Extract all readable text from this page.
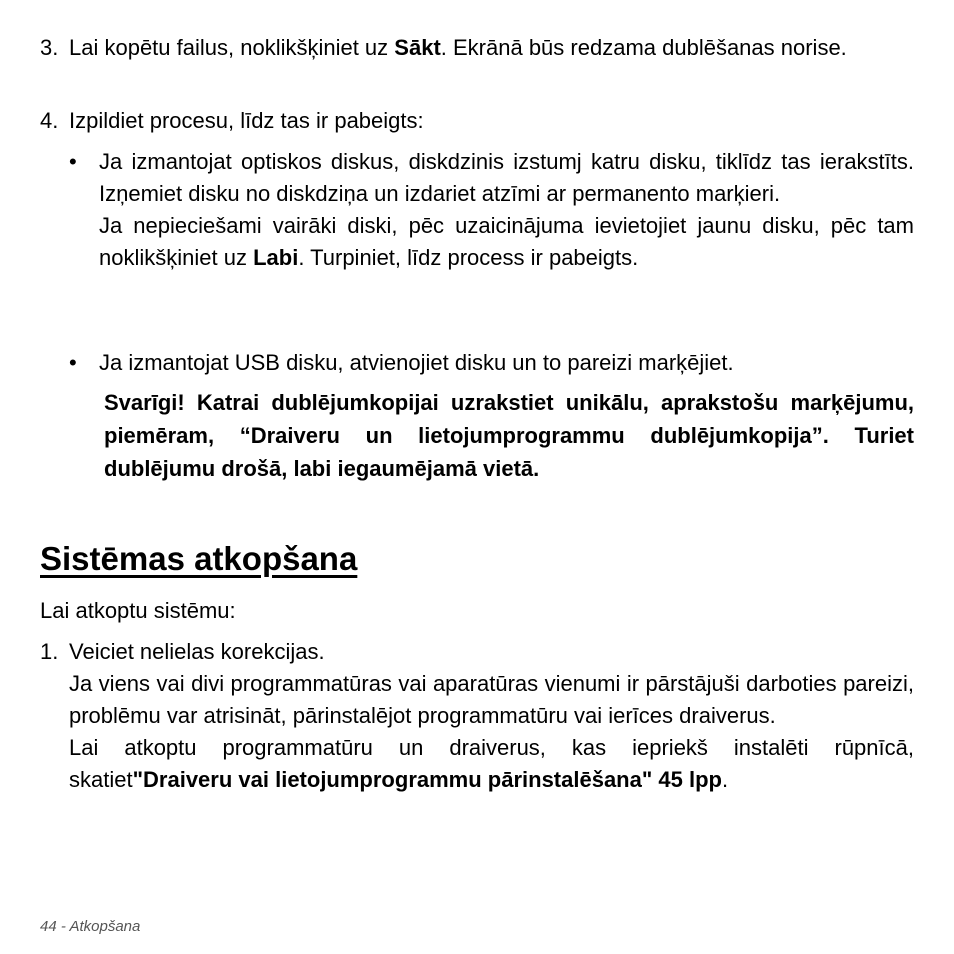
3. Lai kopētu failus, noklikšķiniet uz Sākt. Ekrānā būs redzama dublēšanas norise.

4. Izpildiet procesu, līdz tas ir pabeigts:

• Ja izmantojat optiskos diskus, diskdzinis izstumj katru disku, tiklīdz tas ierakstīts. Izņemiet disku no diskdziņa un izdariet atzīmi ar permanento marķieri.

Ja nepieciešami vairāki diski, pēc uzaicinājuma ievietojiet jaunu disku, pēc tam noklikšķiniet uz Labi. Turpiniet, līdz process ir pabeigts.

• Ja izmantojat USB disku, atvienojiet disku un to pareizi marķējiet.

Svarīgi! Katrai dublējumkopijai uzrakstiet unikālu, aprakstošu marķējumu, piemēram, “Draiveru un lietojumprogrammu dublējumkopija”. Turiet dublējumu drošā, labi iegaumējamā vietā.

Sistēmas atkopšana

Lai atkoptu sistēmu:

1. Veiciet nelielas korekcijas.

Ja viens vai divi programmatūras vai aparatūras vienumi ir pārstājuši darboties pareizi, problēmu var atrisināt, pārinstalējot programmatūru vai ierīces draiverus.

Lai atkoptu programmatūru un draiverus, kas iepriekš instalēti rūpnīcā, skatiet"Draiveru vai lietojumprogrammu pārinstalēšana" 45 lpp.

44 - Atkopšana
